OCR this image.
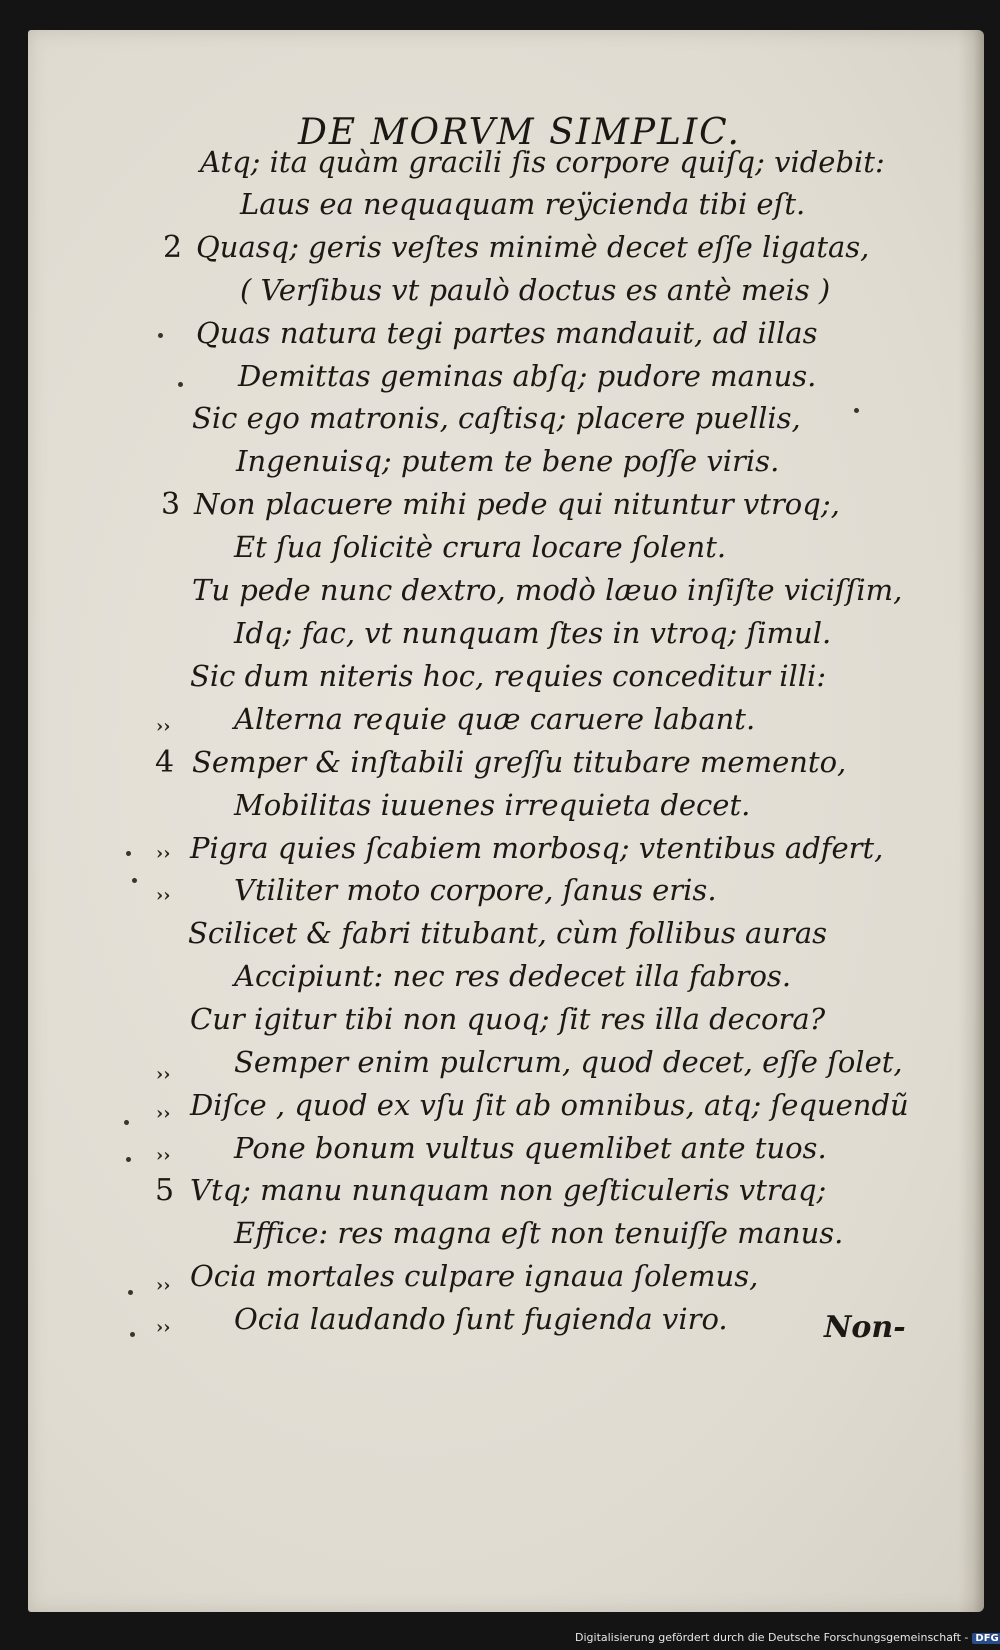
DE MORVM SIMPLIC.
Atq; ita quàm gracili ſis corpore quiſq; videbit:
Laus ea nequaquam reÿcienda tibi eſt.
Quasq; geris veſtes minimè decet eſſe ligatas,
( Verſibus vt paulò doctus es antè meis )
Quas natura tegi partes mandauit, ad illas
Demittas geminas abſq; pudore manus.
Sic ego matronis, caſtisq; placere puellis,
Ingenuisq; putem te bene poſſe viris.
Non placuere mihi pede qui nituntur vtroq;,
Et ſua ſolicitè crura locare ſolent.
Tu pede nunc dextro, modò læuo inſiſte viciſſim,
Idq; fac, vt nunquam ſtes in vtroq; ſimul.
Sic dum niteris hoc, requies conceditur illi:
Alterna requie quæ caruere labant.
Semper & inſtabili greſſu titubare memento,
Mobilitas iuuenes irrequieta decet.
Pigra quies ſcabiem morbosq; vtentibus adfert,
Vtiliter moto corpore, ſanus eris.
Scilicet & fabri titubant, cùm follibus auras
Accipiunt: nec res dedecet illa fabros.
Cur igitur tibi non quoq; ſit res illa decora?
Semper enim pulcrum, quod decet, eſſe ſolet,
Diſce , quod ex vſu ſit ab omnibus, atq; ſequendũ
Pone bonum vultus quemlibet ante tuos.
Vtq; manu nunquam non geſticuleris vtraq;
Effice: res magna eſt non tenuiſſe manus.
Ocia mortales culpare ignaua ſolemus,
Ocia laudando ſunt fugienda viro.
2
3
4
5
››
››
››
››
››
››
››
››	Non-
Digitalisierung gefördert durch die Deutsche Forschungsgemeinschaft - DFG
